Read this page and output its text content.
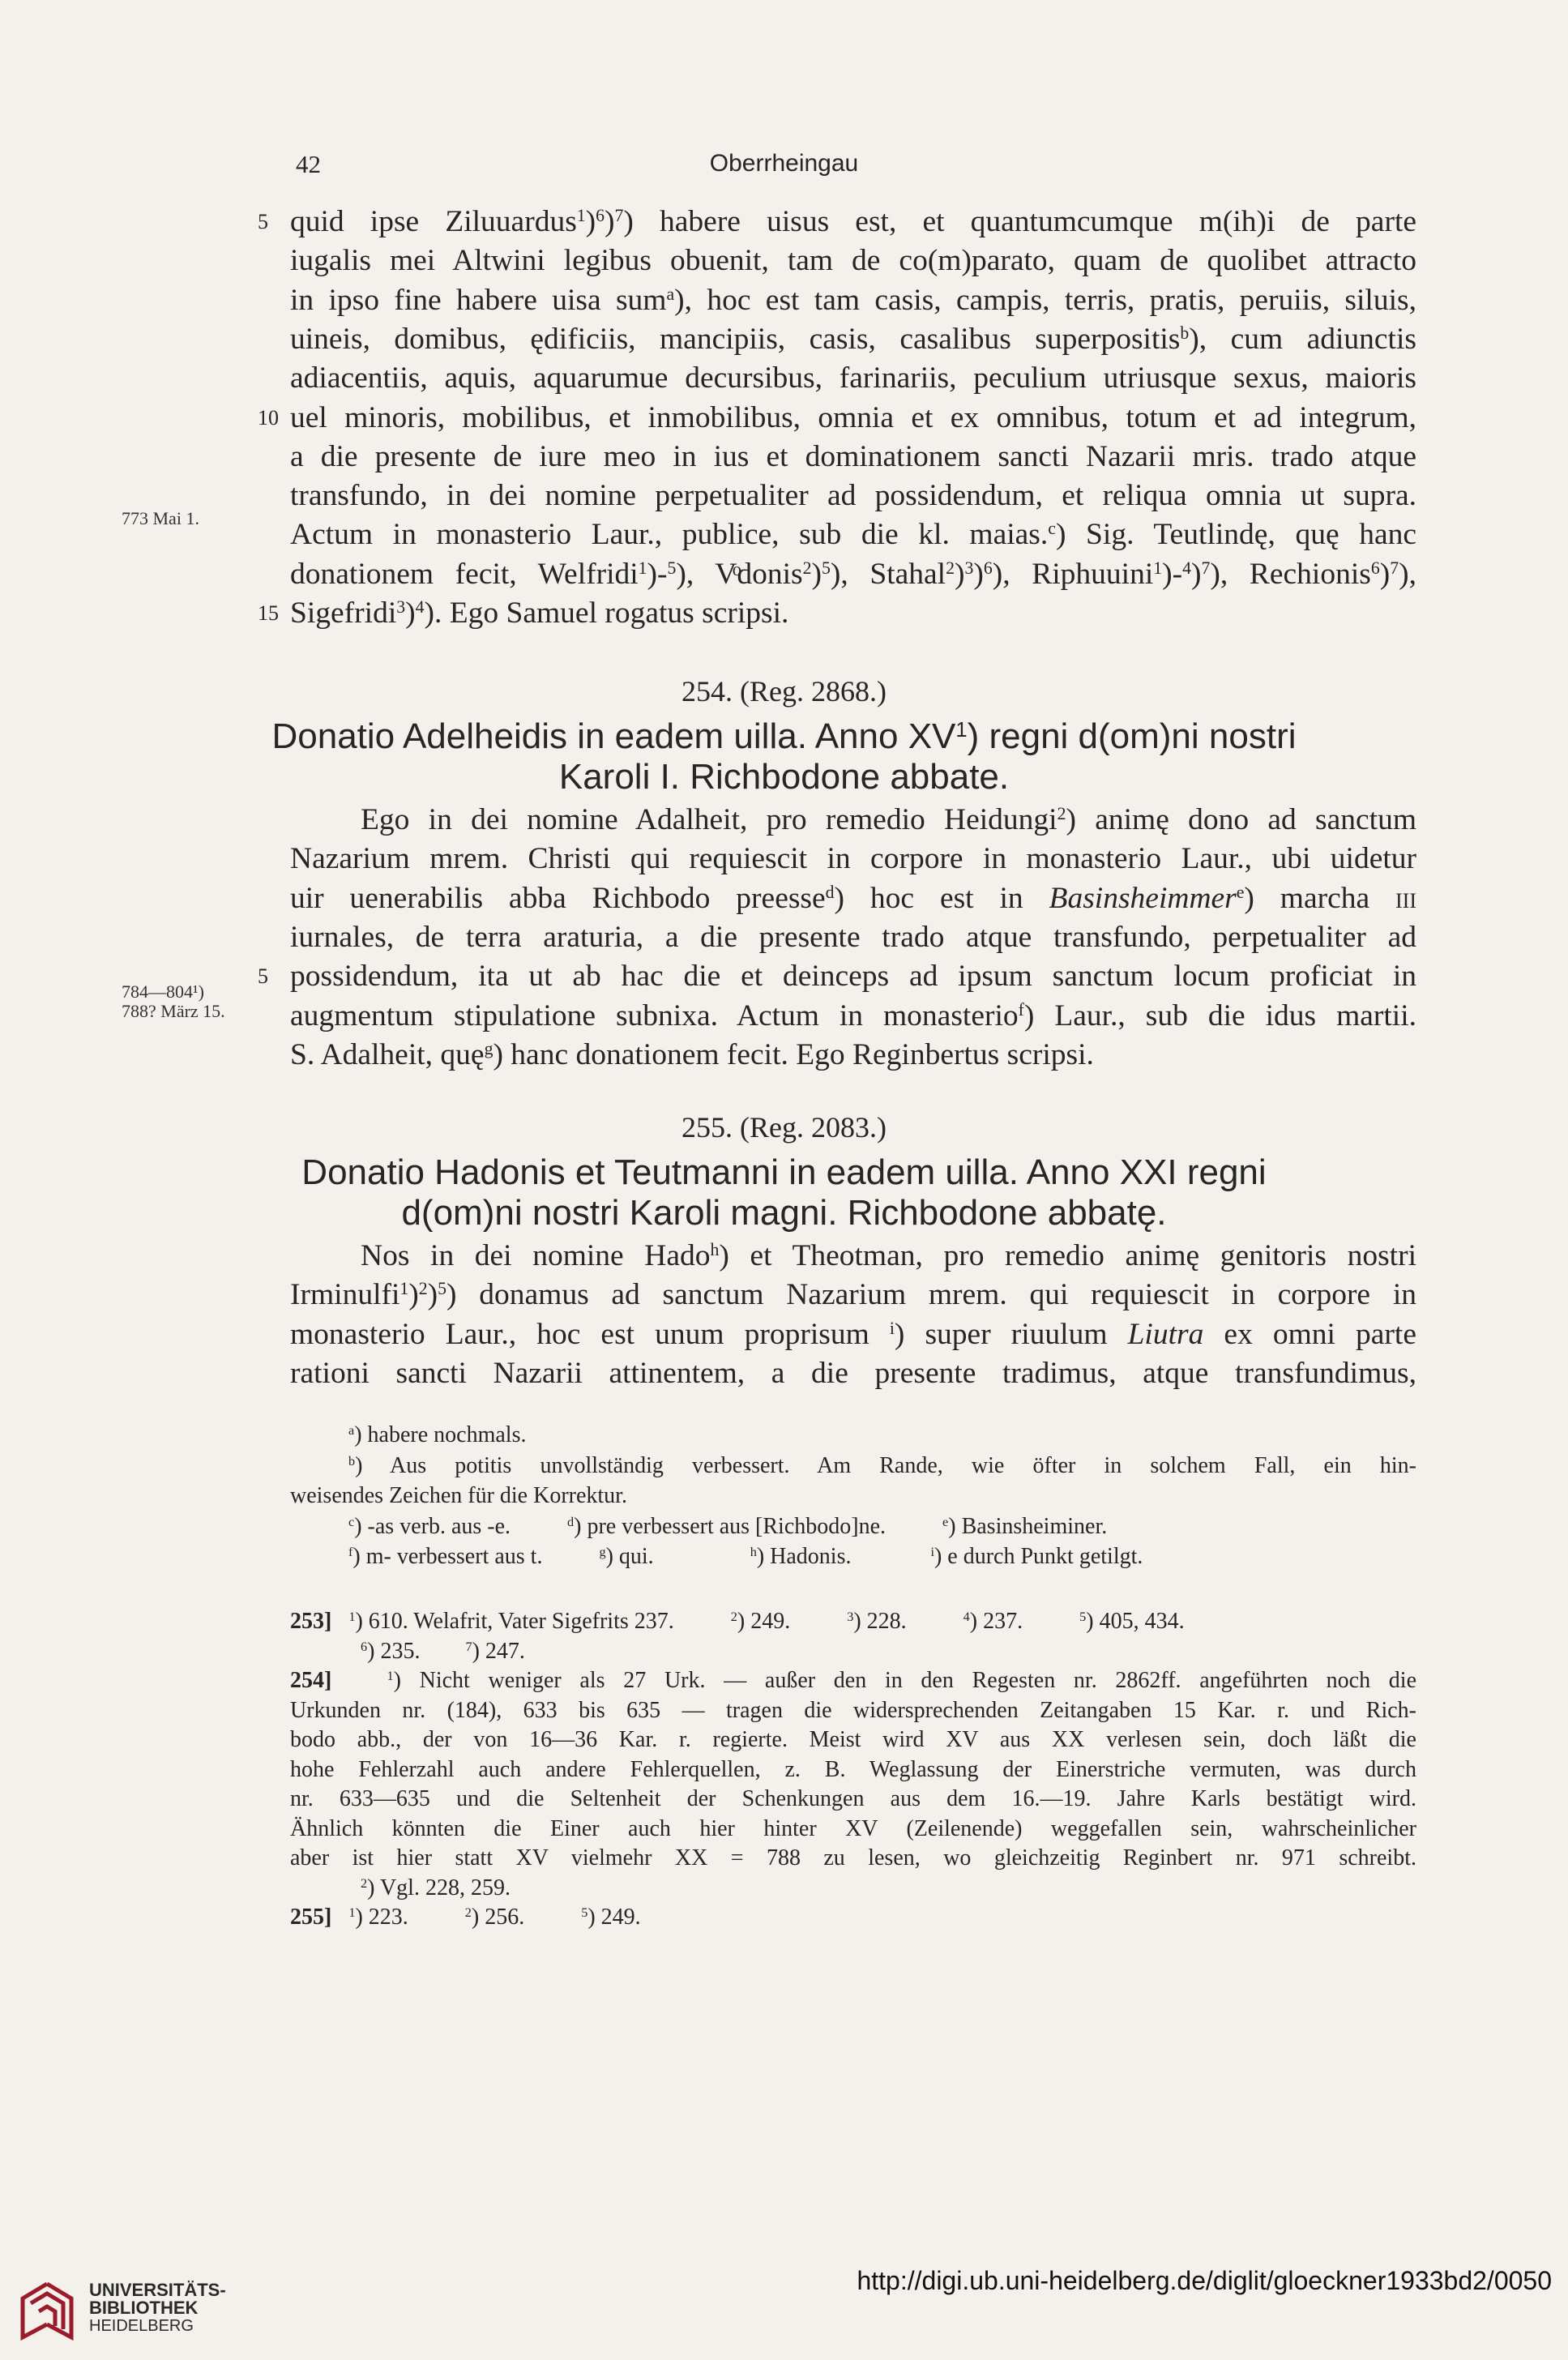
42	Oberrheingau
quid ipse Ziluuardus$^1$)$^6$)$^7$) habere uisus est, et quantumcumque m(ih)i de parte
5
iugalis mei Altwini legibus obuenit, tam de co(m)parato, quam de quolibet attracto
in ipso fine habere uisa sum$^a$), hoc est tam casis, campis, terris, pratis, peruiis, siluis,
uineis, domibus, ędificiis, mancipiis, casis, casalibus superpositis$^b$), cum adiunctis
adiacentiis, aquis, aquarumue decursibus, farinariis, peculium utriusque sexus, maioris
uel minoris, mobilibus, et inmobilibus, omnia et ex omnibus, totum et ad integrum,
10
a die presente de iure meo in ius et dominationem sancti Nazarii mris. trado atque
transfundo, in dei nomine perpetualiter ad possidendum, et reliqua omnia ut supra.
Actum in monasterio Laur., publice, sub die kl. maias.$^c$) Sig. Teutlindę, quę hanc
donationem fecit, Welfridi$^1$)-$^5$), Vͦdonis$^2$)$^5$), Stahal$^2$)$^3$)$^6$), Riphuuini$^1$)-$^4$)$^7$), Rechionis$^6$)$^7$),
Sigefridi$^3$)$^4$). Ego Samuel rogatus scripsi.
15
773 Mai 1.
254. (Reg. 2868.)
Donatio Adelheidis in eadem uilla. Anno $XV^1$) regni d(om)ni nostri
Karoli I. Richbodone abbate.
Ego in dei nomine Adalheit, pro remedio Heidungi$^2$) animę dono ad sanctum
Nazarium mrem. Christi qui requiescit in corpore in monasterio Laur., ubi uidetur
uir uenerabilis abba Richbodo preesse$^d$) hoc est in Basinsheimmer$^e$) marcha iii
iurnales, de terra araturia, a die presente trado atque transfundo, perpetualiter ad
possidendum, ita ut ab hac die et deinceps ad ipsum sanctum locum proficiat in
5
augmentum stipulatione subnixa. Actum in monasterio$^f$) Laur., sub die idus martii.
S. Adalheit, quę$^g$) hanc donationem fecit. Ego Reginbertus scripsi.
784—804¹)
788? März 15.
255. (Reg. 2083.)
Donatio Hadonis et Teutmanni in eadem uilla. Anno XXI regni
d(om)ni nostri Karoli magni. Richbodone abbatę.
Nos in dei nomine Hado$^h$) et Theotman, pro remedio animę genitoris nostri
Irminulfi$^1$)$^2$)$^5$) donamus ad sanctum Nazarium mrem. qui requiescit in corpore in
monasterio Laur., hoc est unum proprisum $^i$) super riuulum Liutra ex omni parte
rationi sancti Nazarii attinentem, a die presente tradimus, atque transfundimus,
$^a$) habere nochmals.
$^b$) Aus potitis unvollständig verbessert. Am Rande, wie öfter in solchem Fall, ein hin-
weisendes Zeichen für die Korrektur.
$^c$) -as verb. aus -e.          $^d$) pre verbessert aus [Richbodo]ne.          $^e$) Basinsheiminer.
$^f$) m- verbessert aus t.          $^g$) qui.                 $^h$) Hadonis.              $^i$) e durch Punkt getilgt.
253] $^1$) 610. Welafrit, Vater Sigefrits 237.          $^2$) 249.          $^3$) 228.          $^4$) 237.          $^5$) 405, 434.
$^6$) 235.        $^7$) 247.
254]	$^1$) Nicht weniger als 27 Urk. — außer den in den Regesten nr. 2862ff. angeführten noch die
Urkunden nr. (184), 633 bis 635 — tragen die widersprechenden Zeitangaben 15 Kar. r. und Rich-
bodo abb., der von 16—36 Kar. r. regierte. Meist wird XV aus XX verlesen sein, doch läßt die
hohe Fehlerzahl auch andere Fehlerquellen, z. B. Weglassung der Einerstriche vermuten, was durch
nr. 633—635 und die Seltenheit der Schenkungen aus dem 16.—19. Jahre Karls bestätigt wird.
Ähnlich könnten die Einer auch hier hinter XV (Zeilenende) weggefallen sein, wahrscheinlicher
aber ist hier statt XV vielmehr XX = 788 zu lesen, wo gleichzeitig Reginbert nr. 971 schreibt.
$^2$) Vgl. 228, 259.
255] $^1$) 223.          $^2$) 256.          $^5$) 249.
UNIVERSITÄTS-
BIBLIOTHEK
HEIDELBERG
http://digi.ub.uni-heidelberg.de/diglit/gloeckner1933bd2/0050
